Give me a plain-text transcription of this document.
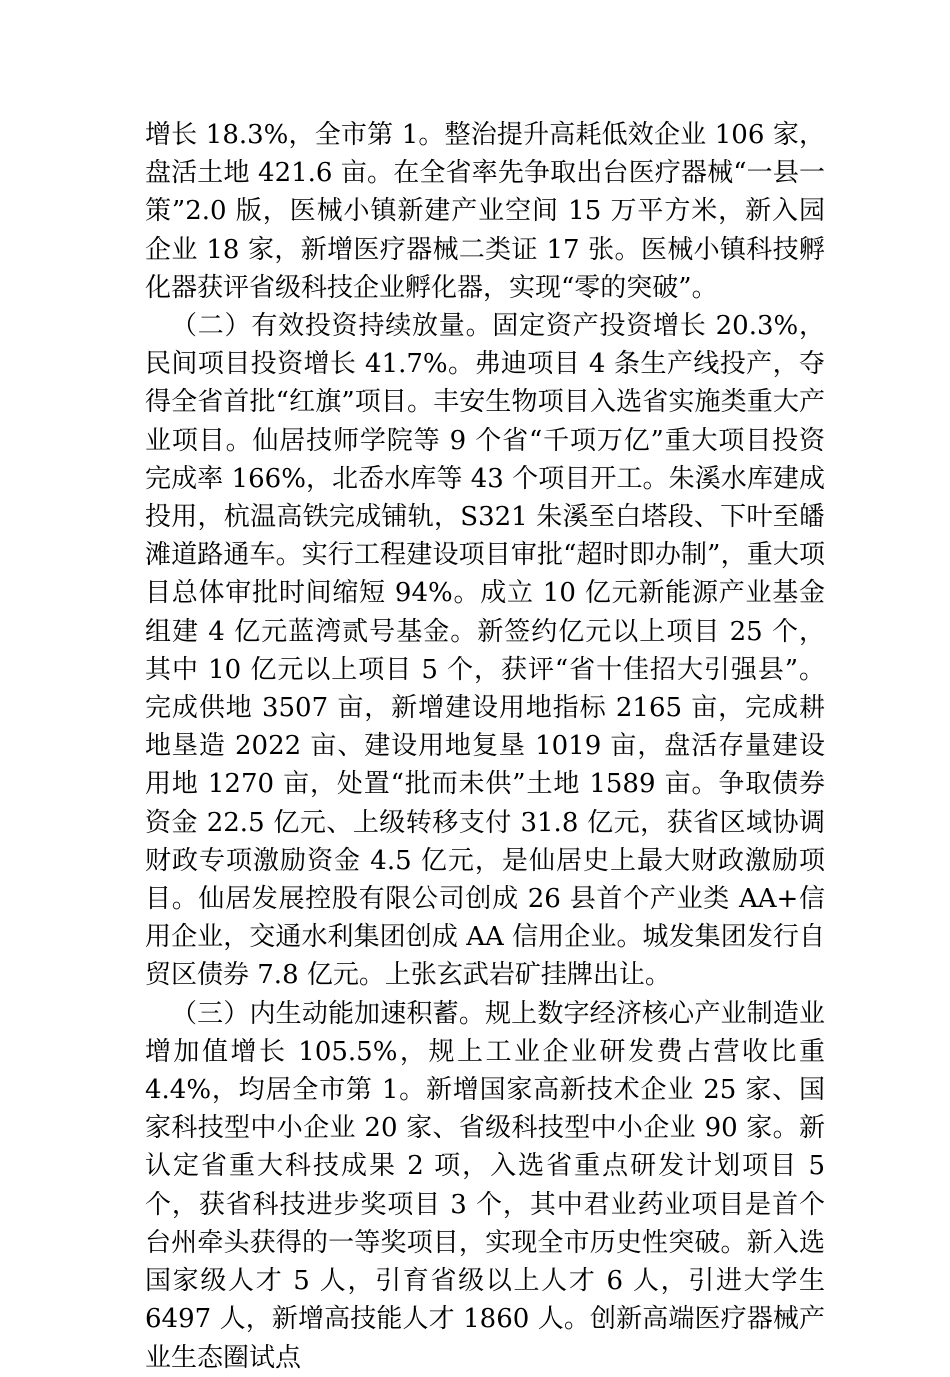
增长 18.3%，全市第 1。整治提升高耗低效企业 106 家，盘活土地 421.6 亩。在全省率先争取出台医疗器械“一县一策”2.0 版，医械小镇新建产业空间 15 万平方米，新入园企业 18 家，新增医疗器械二类证 17 张。医械小镇科技孵化器获评省级科技企业孵化器，实现“零的突破”。

（二）有效投资持续放量。固定资产投资增长 20.3%，民间项目投资增长 41.7%。弗迪项目 4 条生产线投产，夺得全省首批“红旗”项目。丰安生物项目入选省实施类重大产业项目。仙居技师学院等 9 个省“千项万亿”重大项目投资完成率 166%，北岙水库等 43 个项目开工。朱溪水库建成投用，杭温高铁完成铺轨，S321 朱溪至白塔段、下叶至皤滩道路通车。实行工程建设项目审批“超时即办制”，重大项目总体审批时间缩短 94%。成立 10 亿元新能源产业基金组建 4 亿元蓝湾贰号基金。新签约亿元以上项目 25 个，其中 10 亿元以上项目 5 个，获评“省十佳招大引强县”。完成供地 3507 亩，新增建设用地指标 2165 亩，完成耕地垦造 2022 亩、建设用地复垦 1019 亩，盘活存量建设用地 1270 亩，处置“批而未供”土地 1589 亩。争取债券资金 22.5 亿元、上级转移支付 31.8 亿元，获省区域协调财政专项激励资金 4.5 亿元，是仙居史上最大财政激励项目。仙居发展控股有限公司创成 26 县首个产业类 AA+信用企业，交通水利集团创成 AA 信用企业。城发集团发行自贸区债券 7.8 亿元。上张玄武岩矿挂牌出让。

（三）内生动能加速积蓄。规上数字经济核心产业制造业增加值增长 105.5%，规上工业企业研发费占营收比重 4.4%，均居全市第 1。新增国家高新技术企业 25 家、国家科技型中小企业 20 家、省级科技型中小企业 90 家。新认定省重大科技成果 2 项，入选省重点研发计划项目 5 个，获省科技进步奖项目 3 个，其中君业药业项目是首个台州牵头获得的一等奖项目，实现全市历史性突破。新入选国家级人才 5 人，引育省级以上人才 6 人，引进大学生 6497 人，新增高技能人才 1860 人。创新高端医疗器械产业生态圈试点
